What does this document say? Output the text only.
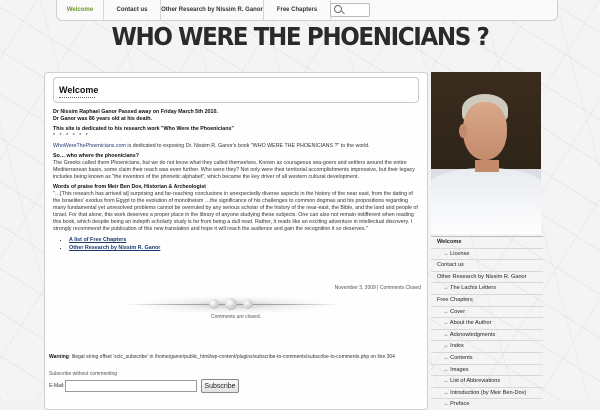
Welcome	Contact us	Other Research by Nissim R. Ganor	Free Chapters
WHO WERE THE PHOENICIANS ?
Welcome

Dr Nissim Raphael Ganor Passed away on Friday March 5th 2010.

Dr Ganor was 86 years old at his death.

This site is dedicated to his research work "Who Were the Phoenicians"

* * * * * *

WhoWereThePhoenicians.com is dedicated to exposing Dr. Nissim R. Ganor's book "WHO WERE THE PHOENICIANS ?" to the world.

So… who where the phoenicians?

The Greeks called them Phoenicians, but we do not know what they called themselves. Known as courageous sea-goers and settlers around the entire Mediterranean basin, some claim their reach was even further. Who were they? Not only were their territorial accomplishments impressive, but their legacy includes being known as "the inventors of the phonetic alphabet", which became the key driver of all western cultural development.

Words of praise from Meir Ben Dov, Historian & Archeologist

"…[This research has arrived at] surprising and far-reaching conclusions in unexpectedly diverse aspects in the history of the near east, from the dating of the Israelites' exodus from Egypt to the evolution of monotheism …the significance of his challenges to common dogmas and his propositions regarding many fundamental yet unresolved problems cannot be overruled by any serious scholar of the history of the near-east, the Bible, and the land and people of Israel. For that alone, this work deserves a proper place in the library of anyone studying these subjects. One can also not remain indifferent when reading this book, which despite being an indepth scholarly study is far from being a dull read. Rather, it reads like an exciting adventure in intellectual discovery. I strongly recommend the publication of this new translation and hope it will reach the audience and gain the recognition it so deserves."

▪ A list of Free Chapters
▪ Other Research by Nissim R. Ganor
November 3, 2009 | Comments Closed
Comments are closed.
Warning: Illegal string offset 'sctc_subscribe' in /home/ganor/public_html/wp-content/plugins/subscribe-to-comments/subscribe-to-comments.php on line 304
Subscribe without commenting
E-Mail:	Subscribe
Welcome
→ License
Contact us
Other Research by Nissim R. Ganor
→ The Lachis Letters
Free Chapters
→ Cover
→ About the Author
→ Acknowledgments
→ Index
→ Contents
→ Images
→ List of Abbreviations
→ Introduction (by Meir Ben-Dov)
→ Preface
